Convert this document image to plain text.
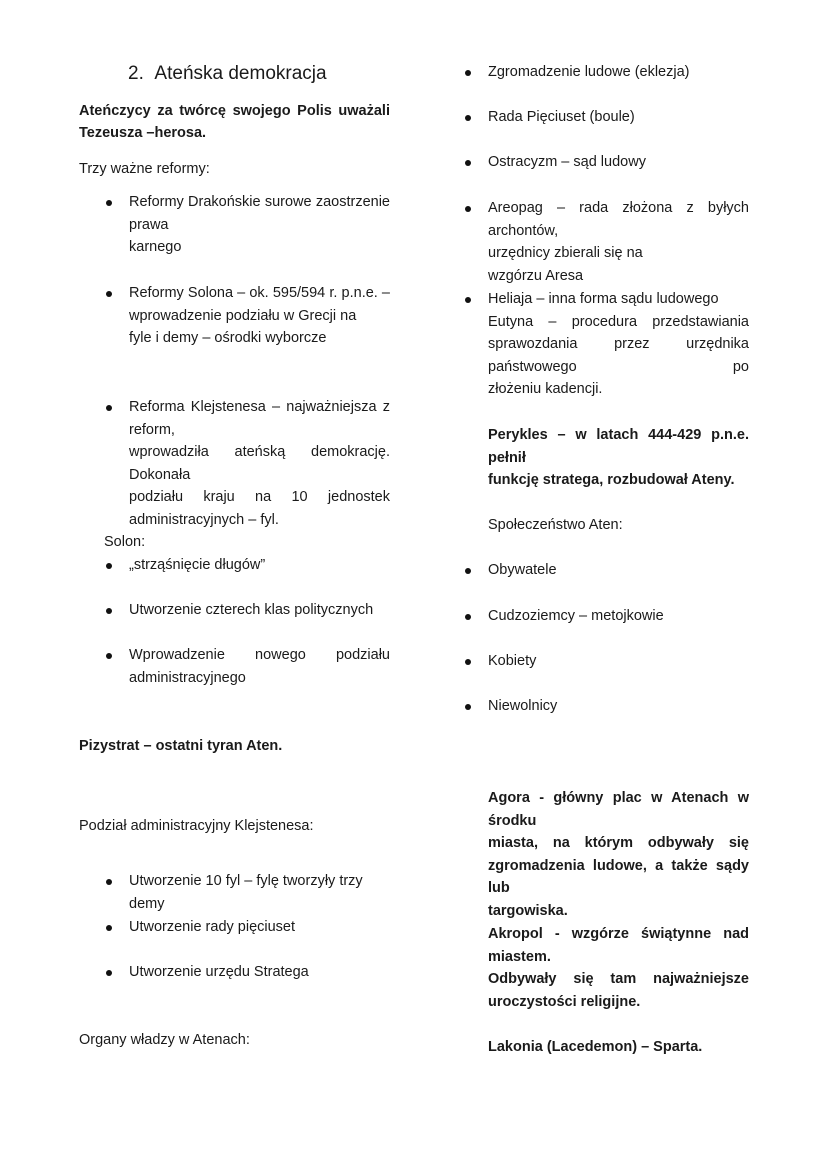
2. Ateńska demokracja
Ateńczycy za twórcę swojego Polis uważali
Tezeusza –herosa.
Trzy ważne reformy:
Reformy Drakońskie surowe zaostrzenie prawa
karnego
Reformy Solona – ok. 595/594 r. p.n.e. –
wprowadzenie podziału w Grecji na
fyle i demy – ośrodki wyborcze
Reforma Klejstenesa – najważniejsza z reform,
wprowadziła ateńską demokrację. Dokonała
podziału kraju na 10 jednostek
administracyjnych – fyl.
Solon:
„strząśnięcie długów”
Utworzenie czterech klas politycznych
Wprowadzenie nowego podziału
administracyjnego
Pizystrat – ostatni tyran Aten.
Podział administracyjny Klejstenesa:
Utworzenie 10 fyl – fylę tworzyły trzy demy
Utworzenie rady pięciuset
Utworzenie urzędu Stratega
Organy władzy w Atenach:
Zgromadzenie ludowe (eklezja)
Rada Pięciuset (boule)
Ostracyzm – sąd ludowy
Areopag – rada złożona z byłych archontów,
urzędnicy zbierali się na
wzgórzu Aresa
Heliaja – inna forma sądu ludowego
Eutyna – procedura przedstawiania
sprawozdania przez urzędnika państwowego po
złożeniu kadencji.
Perykles – w latach 444-429 p.n.e. pełnił
funkcję stratega, rozbudował Ateny.
Społeczeństwo Aten:
Obywatele
Cudzoziemcy – metojkowie
Kobiety
Niewolnicy
Agora - główny plac w Atenach w środku
miasta, na którym odbywały się
zgromadzenia ludowe, a także sądy lub
targowiska.
Akropol - wzgórze świątynne nad miastem.
Odbywały się tam najważniejsze
uroczystości religijne.
Lakonia (Lacedemon) – Sparta.
